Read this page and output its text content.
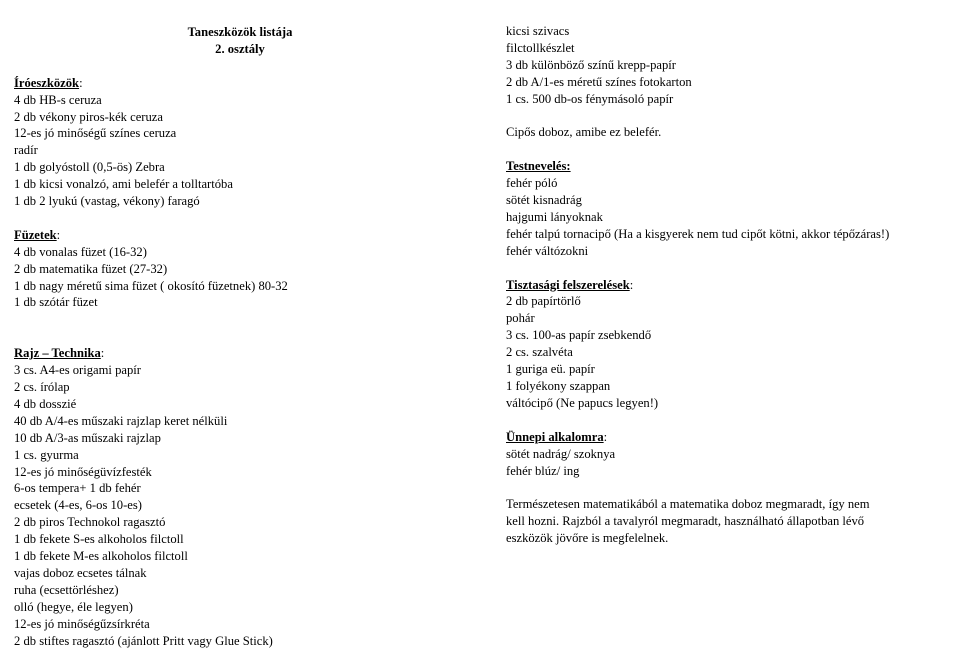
Taneszközök listája
2. osztály
Íróeszközök:
4 db HB-s ceruza
2 db vékony piros-kék ceruza
12-es jó minőségű színes ceruza
radír
1 db golyóstoll (0,5-ös) Zebra
1 db kicsi vonalzó, ami belefér a tolltartóba
1 db 2 lyukú (vastag, vékony) faragó
Füzetek:
4 db vonalas füzet (16-32)
2 db matematika füzet (27-32)
1 db nagy méretű sima füzet ( okosító füzetnek) 80-32
1 db szótár füzet
Rajz – Technika:
3 cs. A4-es origami papír
2 cs. írólap
4 db dosszié
40 db A/4-es műszaki rajzlap keret nélküli
10 db A/3-as műszaki rajzlap
1 cs. gyurma
12-es jó minőségüvízfesték
6-os tempera+ 1 db fehér
ecsetek (4-es, 6-os 10-es)
2 db piros Technokol ragasztó
1 db fekete S-es alkoholos filctoll
1 db fekete M-es alkoholos filctoll
vajas doboz ecsetes tálnak
ruha (ecsettörléshez)
olló (hegye, éle legyen)
12-es jó minőségűzsírkréta
2 db stiftes ragasztó (ajánlott Pritt vagy Glue Stick)
kicsi szivacs
filctollkészlet
3 db különböző színű krepp-papír
2 db A/1-es méretű színes fotokarton
1 cs. 500 db-os fénymásoló papír
Cipős doboz, amibe ez belefér.
Testnevelés:
fehér póló
sötét kisnadrág
hajgumi lányoknak
fehér talpú tornacipő (Ha a kisgyerek nem tud cipőt kötni, akkor tépőzáras!)
fehér váltózokni
Tisztasági felszerelések:
2 db papírtörlő
pohár
3 cs. 100-as papír zsebkendő
2 cs. szalvéta
1 guriga eü. papír
1 folyékony szappan
váltócipő (Ne papucs legyen!)
Ünnepi alkalomra:
sötét nadrág/ szoknya
fehér blúz/ ing
Természetesen matematikából a matematika doboz megmaradt, így nem
kell hozni. Rajzból a tavalyról megmaradt, használható állapotban lévő
eszközök jövőre is megfelelnek.
